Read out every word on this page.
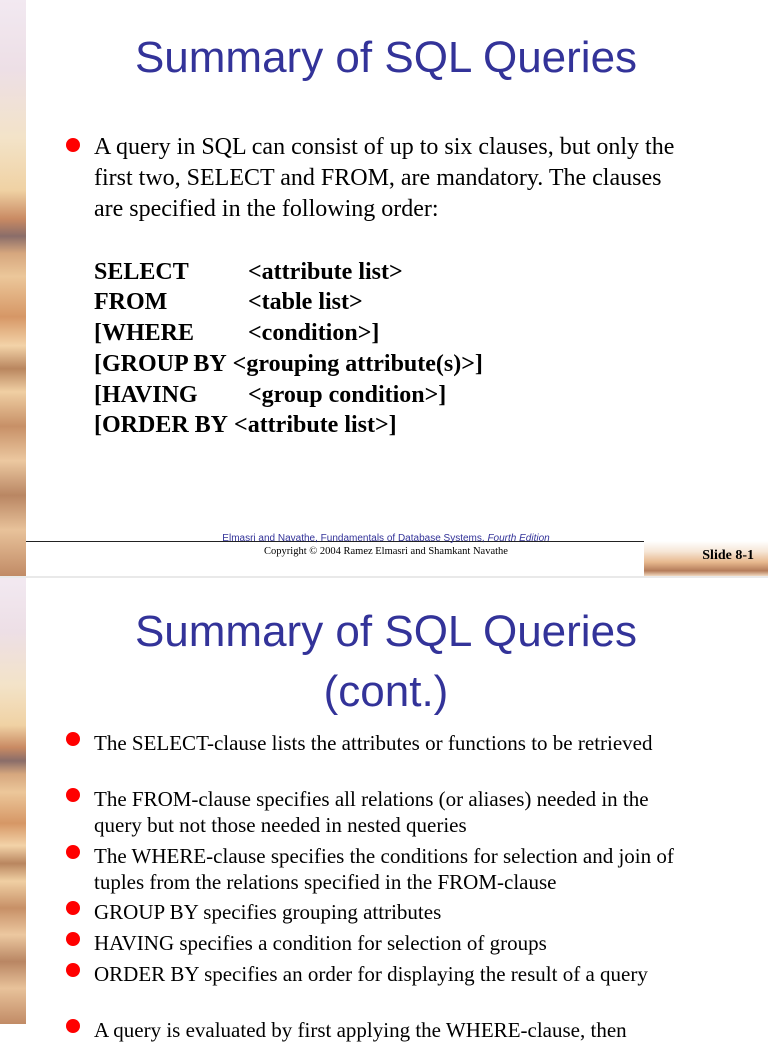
Summary of SQL Queries

A query in SQL can consist of up to six clauses, but only the first two, SELECT and FROM, are mandatory. The clauses are specified in the following order:

SELECT <attribute list>
FROM	<table list>
[WHERE <condition>]
[GROUP BY <grouping attribute(s)>]
[HAVING <group condition>]
[ORDER BY <attribute list>]
Elmasri and Navathe, Fundamentals of Database Systems, Fourth Edition
Copyright © 2004 Ramez Elmasri and Shamkant Navathe	Slide 8-1
Summary of SQL Queries
(cont.)
The SELECT-clause lists the attributes or functions to be retrieved
The FROM-clause specifies all relations (or aliases) needed in the query but not those needed in nested queries
The WHERE-clause specifies the conditions for selection and join of tuples from the relations specified in the FROM-clause
GROUP BY specifies grouping attributes
HAVING specifies a condition for selection of groups
ORDER BY specifies an order for displaying the result of a query
A query is evaluated by first applying the WHERE-clause, then
